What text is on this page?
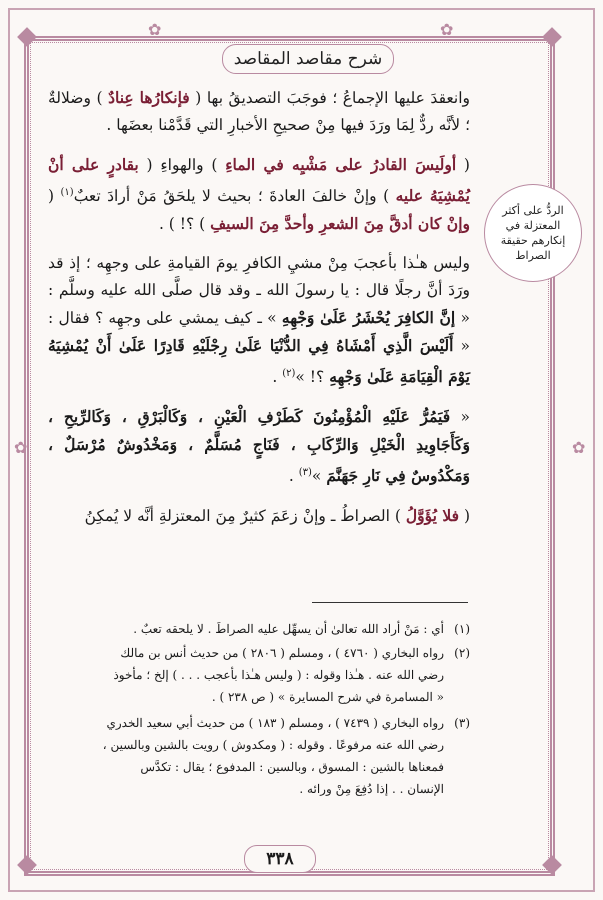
✿	✿
✿	✿
شرح مقاصد المقاصد
الردُّ على أكثر المعتزلة في إنكارهم حقيقة الصراط

وانعقدَ عليها الإجماعُ ؛ فوجَبَ التصديقُ بها ( فإنكارُها عِنادٌ ) وضلالةٌ ؛ لأنَّه ردٌّ لِمَا ورَدَ فيها مِنْ صحيحِ الأخبارِ التي قَدَّمْنا بعضَها .

( أولَيسَ القادرُ على مَشْيِه في الماءِ ) والهواءِ ( بقادرٍ على أنْ يُمْشِيَهُ عليه ) وإنْ خالفَ العادةَ ؛ بحيث لا يلحَقُ مَنْ أرادَ تعبٌ$^{(١)}$ ( وإنْ كان أدقَّ مِنَ الشعرِ وأحدَّ مِنَ السيفِ ) ؟! ) .

وليس هـٰذا بأعجبَ مِنْ مشيِ الكافرِ يومَ القيامةِ على وجهِه ؛ إذ قد ورَدَ أنَّ رجلًا قال : يا رسولَ الله ـ وقد قال صلَّى الله عليه وسلَّم : « إنَّ الكافِرَ يُحْشَرُ عَلَىٰ وَجْهِهِ » ـ كيف يمشي على وجهِه ؟ فقال : « أَلَيْسَ الَّذِي أَمْشَاهُ فِي الدُّنْيَا عَلَىٰ رِجْلَيْهِ قَادِرًا عَلَىٰ أَنْ يُمْشِيَهُ يَوْمَ الْقِيَامَةِ عَلَىٰ وَجْهِهِ ؟! »$^{(٢)}$ .

« فَيَمُرُّ عَلَيْهِ الْمُؤْمِنُونَ كَطَرْفِ الْعَيْنِ ، وَكَالْبَرْقِ ، وَكَالرِّيحِ ، وَكَأَجَاوِيدِ الْخَيْلِ وَالرِّكَابِ ، فَنَاجٍ مُسَلَّمٌ ، وَمَخْدُوشٌ مُرْسَلٌ ، وَمَكْدُوسٌ فِي نَارِ جَهَنَّمَ »$^{(٣)}$ .

( فلا يُؤَوَّلُ ) الصراطُ ـ وإنْ زعَمَ كثيرٌ مِنَ المعتزلةِ أنَّه لا يُمكِنُ

(١)أي : مَنْ أراد الله تعالىٰ أن يسهِّل عليه الصراطَ . لا يلحقه تعبٌ .

(٢)رواه البخاري ( ٤٧٦٠ ) ، ومسلم ( ٢٨٠٦ ) من حديث أنس بن مالك

رضي الله عنه . هـٰذا وقوله : ( وليس هـٰذا بأعجب . . . ) إلخ ؛ مأخوذ

« المسامرة في شرح المسايرة » ( ص ٢٣٨ ) .

(٣)رواه البخاري ( ٧٤٣٩ ) ، ومسلم ( ١٨٣ ) من حديث أبي سعيد الخدري

رضي الله عنه مرفوعًا . وقوله : ( ومكدوش ) رويت بالشين وبالسين ،

فمعناها بالشين : المسوق ، وبالسين : المدفوع ؛ يقال : تكدَّس

الإنسان . . إذا دُفِعَ مِنْ ورائه .

٣٣٨
